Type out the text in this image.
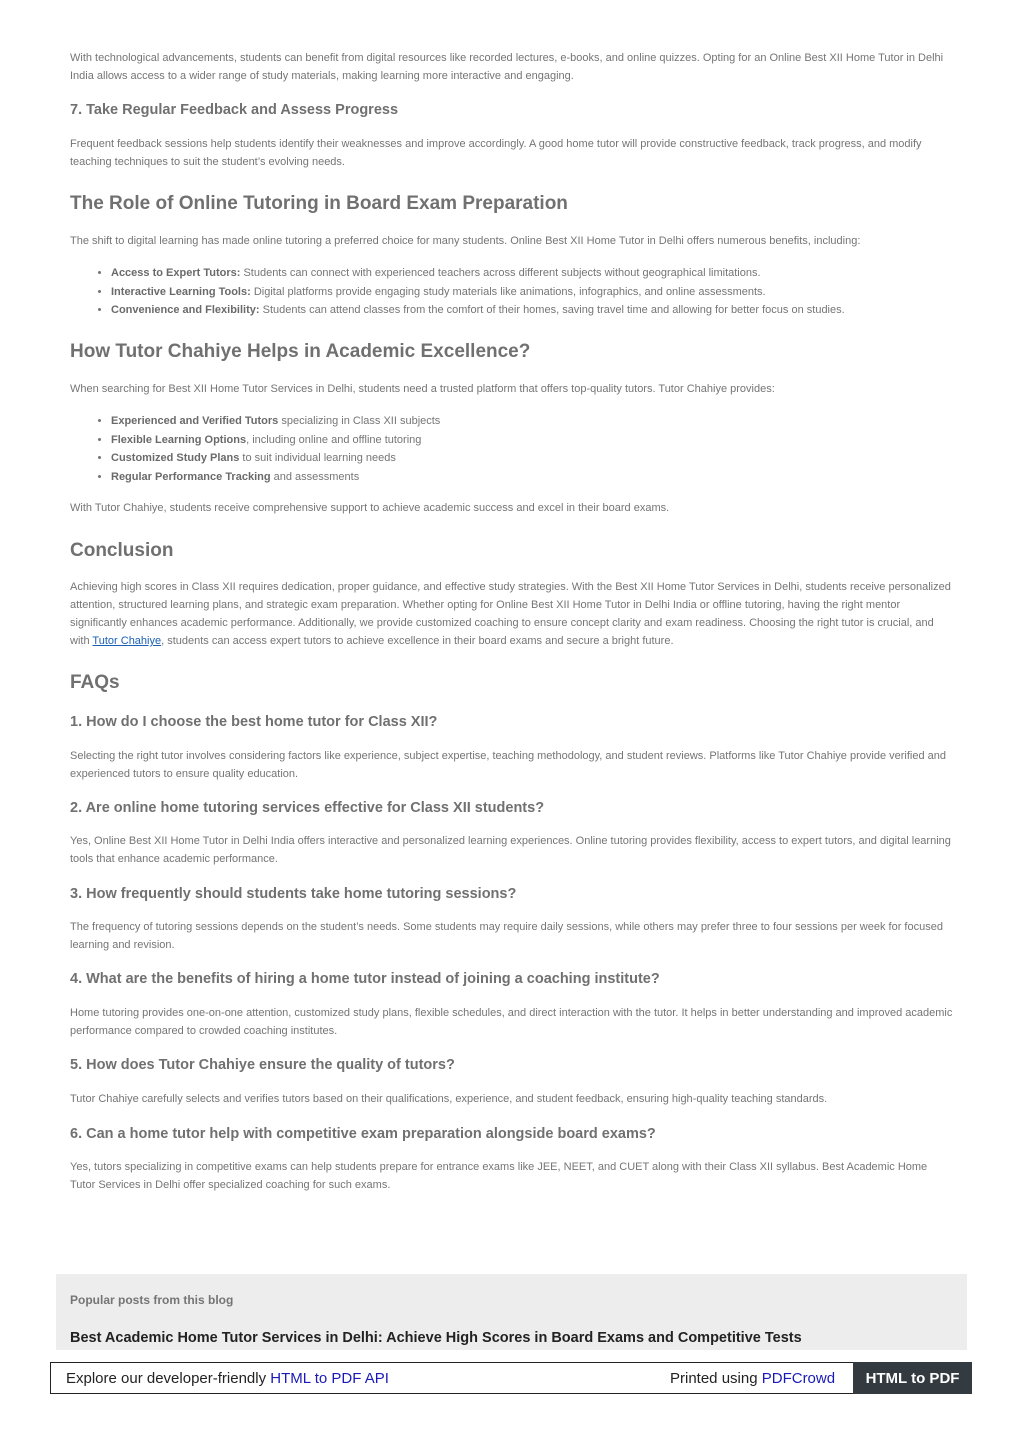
With technological advancements, students can benefit from digital resources like recorded lectures, e-books, and online quizzes. Opting for an Online Best XII Home Tutor in Delhi India allows access to a wider range of study materials, making learning more interactive and engaging.

7. Take Regular Feedback and Assess Progress

Frequent feedback sessions help students identify their weaknesses and improve accordingly. A good home tutor will provide constructive feedback, track progress, and modify teaching techniques to suit the student’s evolving needs.

The Role of Online Tutoring in Board Exam Preparation

The shift to digital learning has made online tutoring a preferred choice for many students. Online Best XII Home Tutor in Delhi offers numerous benefits, including:

• Access to Expert Tutors: Students can connect with experienced teachers across different subjects without geographical limitations.
• Interactive Learning Tools: Digital platforms provide engaging study materials like animations, infographics, and online assessments.
• Convenience and Flexibility: Students can attend classes from the comfort of their homes, saving travel time and allowing for better focus on studies.
How Tutor Chahiye Helps in Academic Excellence?

When searching for Best XII Home Tutor Services in Delhi, students need a trusted platform that offers top-quality tutors. Tutor Chahiye provides:

• Experienced and Verified Tutors specializing in Class XII subjects
• Flexible Learning Options, including online and offline tutoring
• Customized Study Plans to suit individual learning needs
• Regular Performance Tracking and assessments

With Tutor Chahiye, students receive comprehensive support to achieve academic success and excel in their board exams.

Conclusion

Achieving high scores in Class XII requires dedication, proper guidance, and effective study strategies. With the Best XII Home Tutor Services in Delhi, students receive personalized attention, structured learning plans, and strategic exam preparation. Whether opting for Online Best XII Home Tutor in Delhi India or offline tutoring, having the right mentor significantly enhances academic performance. Additionally, we provide customized coaching to ensure concept clarity and exam readiness. Choosing the right tutor is crucial, and with Tutor Chahiye, students can access expert tutors to achieve excellence in their board exams and secure a bright future.

FAQs
1. How do I choose the best home tutor for Class XII?

Selecting the right tutor involves considering factors like experience, subject expertise, teaching methodology, and student reviews. Platforms like Tutor Chahiye provide verified and experienced tutors to ensure quality education.

2. Are online home tutoring services effective for Class XII students?

Yes, Online Best XII Home Tutor in Delhi India offers interactive and personalized learning experiences. Online tutoring provides flexibility, access to expert tutors, and digital learning tools that enhance academic performance.

3. How frequently should students take home tutoring sessions?

The frequency of tutoring sessions depends on the student’s needs. Some students may require daily sessions, while others may prefer three to four sessions per week for focused learning and revision.

4. What are the benefits of hiring a home tutor instead of joining a coaching institute?

Home tutoring provides one-on-one attention, customized study plans, flexible schedules, and direct interaction with the tutor. It helps in better understanding and improved academic performance compared to crowded coaching institutes.

5. How does Tutor Chahiye ensure the quality of tutors?

Tutor Chahiye carefully selects and verifies tutors based on their qualifications, experience, and student feedback, ensuring high-quality teaching standards.

6. Can a home tutor help with competitive exam preparation alongside board exams?

Yes, tutors specializing in competitive exams can help students prepare for entrance exams like JEE, NEET, and CUET along with their Class XII syllabus. Best Academic Home Tutor Services in Delhi offer specialized coaching for such exams.

Popular posts from this blog
Best Academic Home Tutor Services in Delhi: Achieve High Scores in Board Exams and Competitive Tests
Explore our developer-friendly HTML to PDF API	Printed using PDFCrowd	HTML to PDF
